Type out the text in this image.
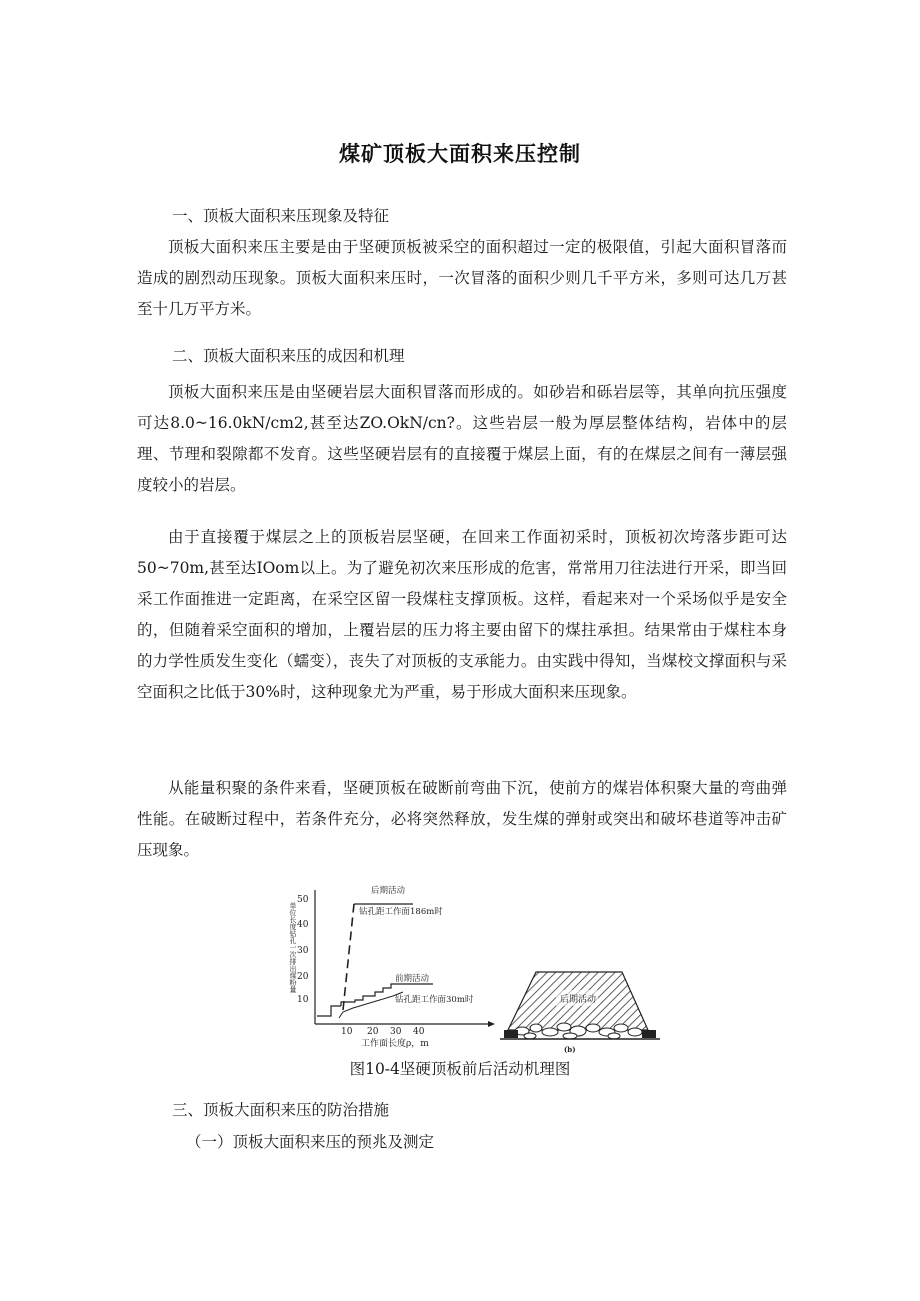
煤矿顶板大面积来压控制
一、顶板大面积来压现象及特征

顶板大面积来压主要是由于坚硬顶板被采空的面积超过一定的极限值，引起大面积冒落而造成的剧烈动压现象。顶板大面积来压时，一次冒落的面积少则几千平方米，多则可达几万甚至十几万平方米。

二、顶板大面积来压的成因和机理

顶板大面积来压是由坚硬岩层大面积冒落而形成的。如砂岩和砾岩层等，其单向抗压强度可达8.0~16.0kN∕cm2,甚至达ZO.OkN/cn?。这些岩层一般为厚层整体结构，岩体中的层理、节理和裂隙都不发育。这些坚硬岩层有的直接覆于煤层上面，有的在煤层之间有一薄层强度较小的岩层。

由于直接覆于煤层之上的顶板岩层坚硬，在回来工作面初采时，顶板初次垮落步距可达50~70m,甚至达IOom以上。为了避免初次来压形成的危害，常常用刀往法进行开采，即当回采工作面推进一定距离，在采空区留一段煤柱支撑顶板。这样，看起来对一个采场似乎是安全的，但随着采空面积的增加，上覆岩层的压力将主要由留下的煤拄承担。结果常由于煤柱本身的力学性质发生变化（蠕变），丧失了对顶板的支承能力。由实践中得知，当煤校文撑面积与采空面积之比低于30%时，这种现象尤为严重，易于形成大面积来压现象。

从能量积聚的条件来看，坚硬顶板在破断前弯曲下沉，使前方的煤岩体积聚大量的弯曲弹性能。在破断过程中，若条件充分，必将突然释放，发生煤的弹射或突出和破坏巷道等冲击矿压现象。

50
40
30
20
10
10 20 30 40
单位长度钻孔一次排出煤粉量
工作面长度ρ，m
后期活动
钻孔距工作面186m时
前期活动
钻孔距工作面30m时	后期活动
(b)
图10-4坚硬顶板前后活动机理图
三、顶板大面积来压的防治措施
（一）顶板大面积来压的预兆及测定
